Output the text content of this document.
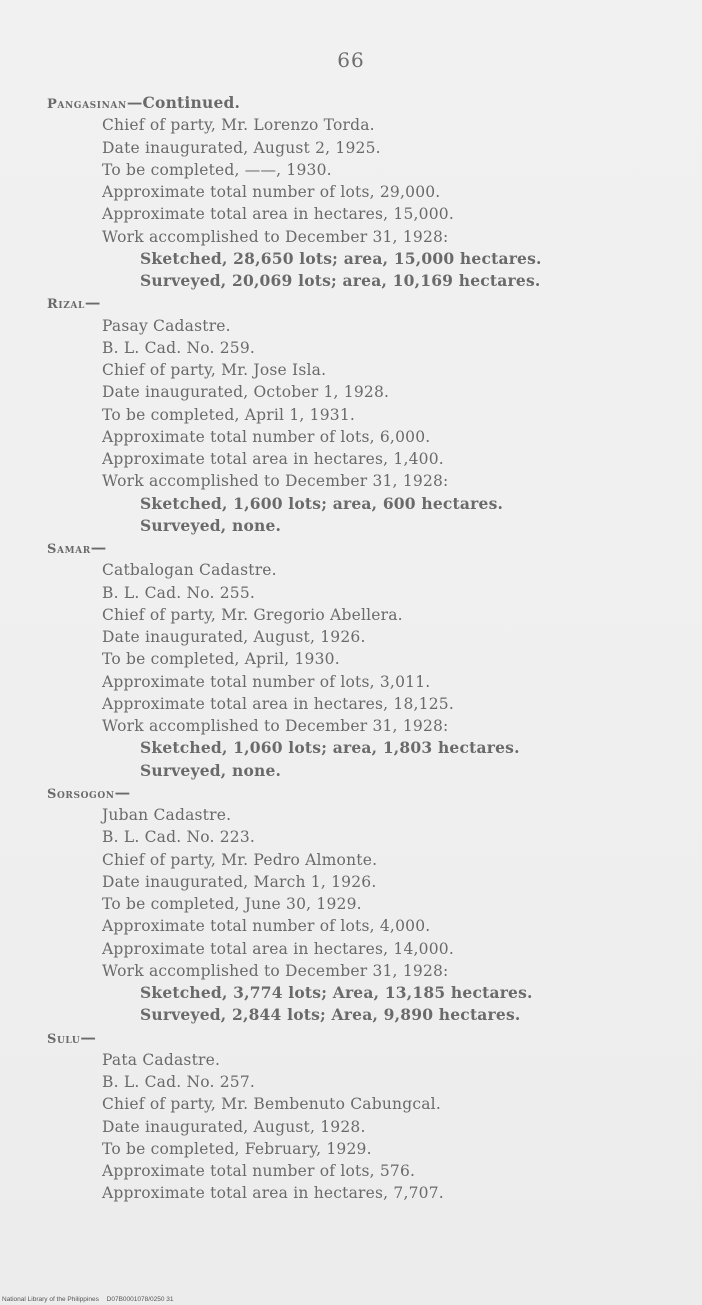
66
Pangasinan—Continued.
Chief of party, Mr. Lorenzo Torda.
Date inaugurated, August 2, 1925.
To be completed, ——, 1930.
Approximate total number of lots, 29,000.
Approximate total area in hectares, 15,000.
Work accomplished to December 31, 1928:
Sketched, 28,650 lots; area, 15,000 hectares.
Surveyed, 20,069 lots; area, 10,169 hectares.
Rizal—
Pasay Cadastre.
B. L. Cad. No. 259.
Chief of party, Mr. Jose Isla.
Date inaugurated, October 1, 1928.
To be completed, April 1, 1931.
Approximate total number of lots, 6,000.
Approximate total area in hectares, 1,400.
Work accomplished to December 31, 1928:
Sketched, 1,600 lots; area, 600 hectares.
Surveyed, none.
Samar—
Catbalogan Cadastre.
B. L. Cad. No. 255.
Chief of party, Mr. Gregorio Abellera.
Date inaugurated, August, 1926.
To be completed, April, 1930.
Approximate total number of lots, 3,011.
Approximate total area in hectares, 18,125.
Work accomplished to December 31, 1928:
Sketched, 1,060 lots; area, 1,803 hectares.
Surveyed, none.
Sorsogon—
Juban Cadastre.
B. L. Cad. No. 223.
Chief of party, Mr. Pedro Almonte.
Date inaugurated, March 1, 1926.
To be completed, June 30, 1929.
Approximate total number of lots, 4,000.
Approximate total area in hectares, 14,000.
Work accomplished to December 31, 1928:
Sketched, 3,774 lots; Area, 13,185 hectares.
Surveyed, 2,844 lots; Area, 9,890 hectares.
Sulu—
Pata Cadastre.
B. L. Cad. No. 257.
Chief of party, Mr. Bembenuto Cabungcal.
Date inaugurated, August, 1928.
To be completed, February, 1929.
Approximate total number of lots, 576.
Approximate total area in hectares, 7,707.
National Library of the Philippines D07B0001078/0250 31
